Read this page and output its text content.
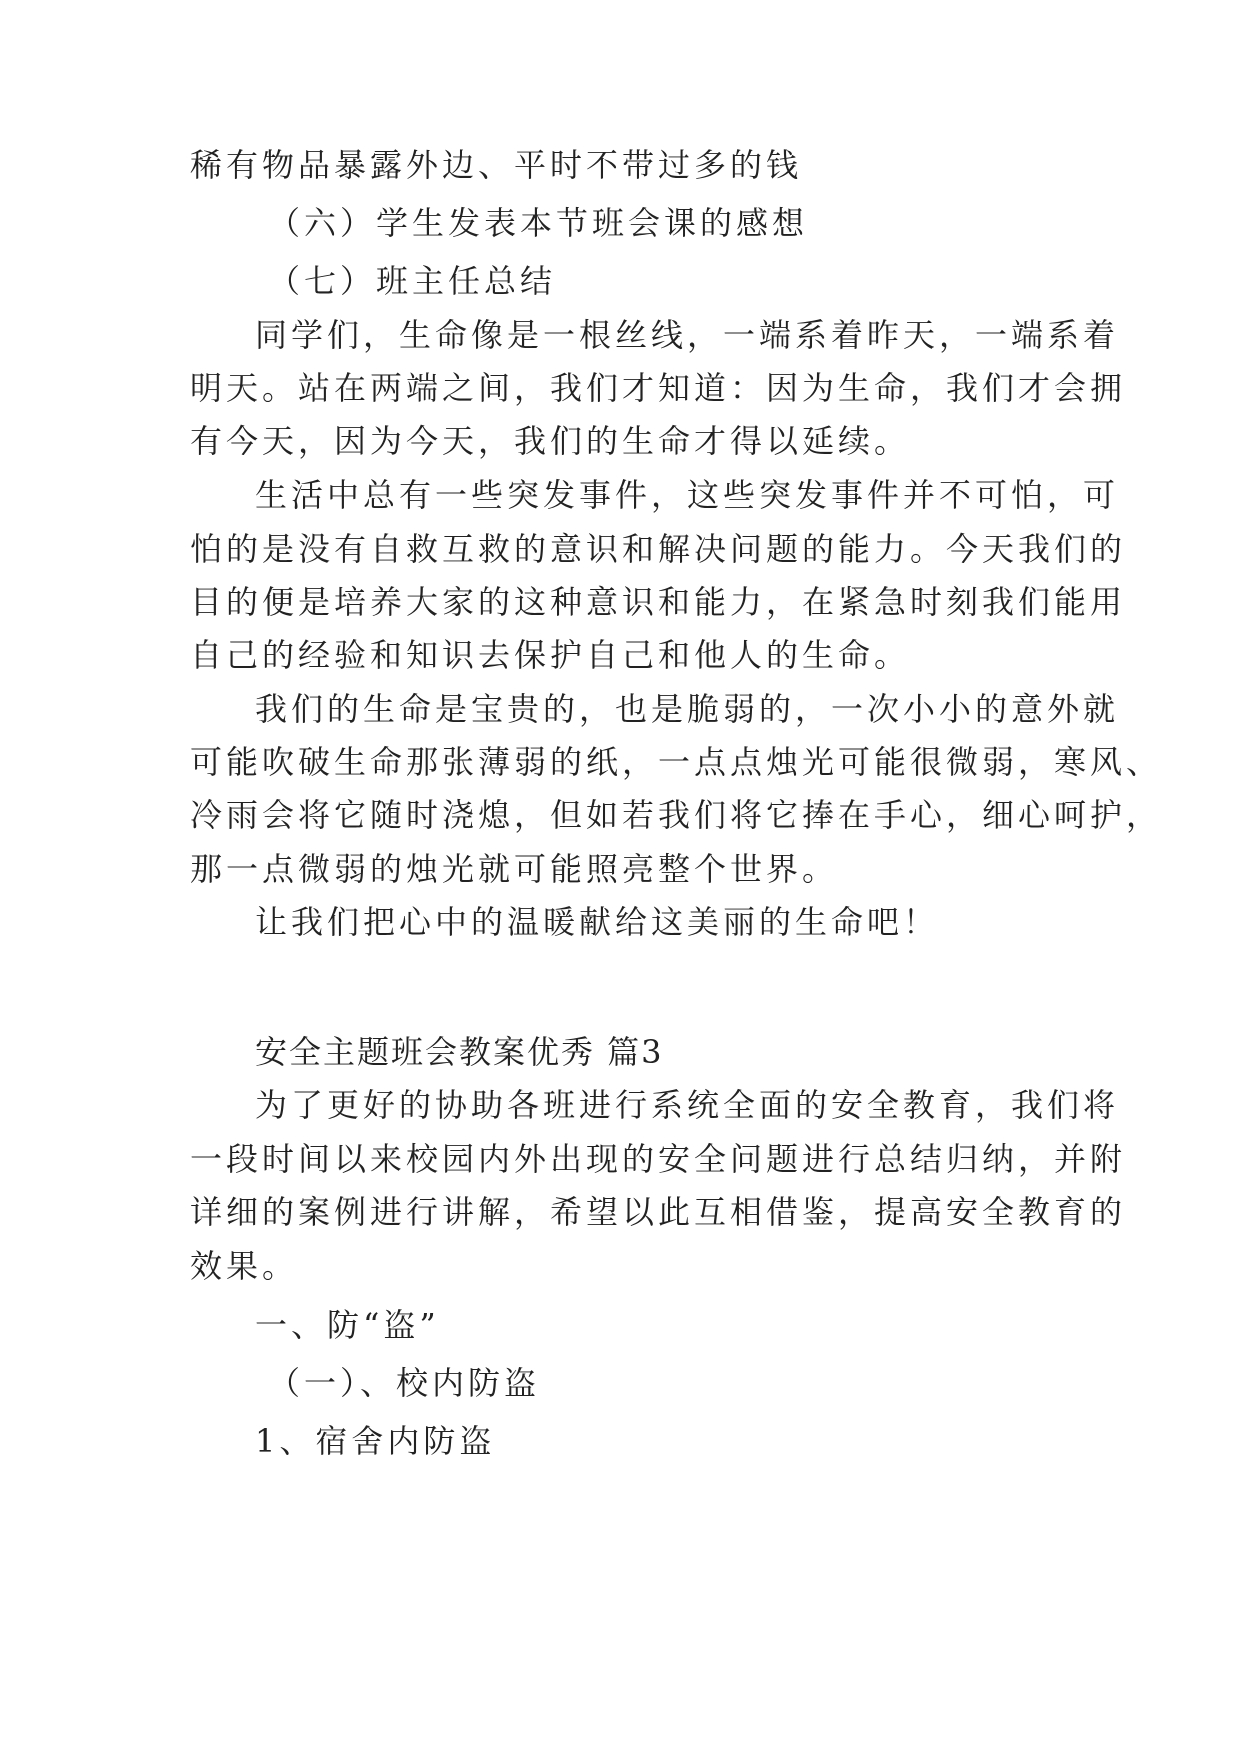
稀有物品暴露外边、平时不带过多的钱
（六）学生发表本节班会课的感想
（七）班主任总结
同学们，生命像是一根丝线，一端系着昨天，一端系着
明天。站在两端之间，我们才知道：因为生命，我们才会拥
有今天，因为今天，我们的生命才得以延续。
生活中总有一些突发事件，这些突发事件并不可怕，可
怕的是没有自救互救的意识和解决问题的能力。今天我们的
目的便是培养大家的这种意识和能力，在紧急时刻我们能用
自己的经验和知识去保护自己和他人的生命。
我们的生命是宝贵的，也是脆弱的，一次小小的意外就
可能吹破生命那张薄弱的纸，一点点烛光可能很微弱，寒风、
冷雨会将它随时浇熄，但如若我们将它捧在手心，细心呵护，
那一点微弱的烛光就可能照亮整个世界。
让我们把心中的温暖献给这美丽的生命吧！
安全主题班会教案优秀 篇3
为了更好的协助各班进行系统全面的安全教育，我们将
一段时间以来校园内外出现的安全问题进行总结归纳，并附
详细的案例进行讲解，希望以此互相借鉴，提高安全教育的
效果。
一、防“盗”
（一）、校内防盗
1、宿舍内防盗
